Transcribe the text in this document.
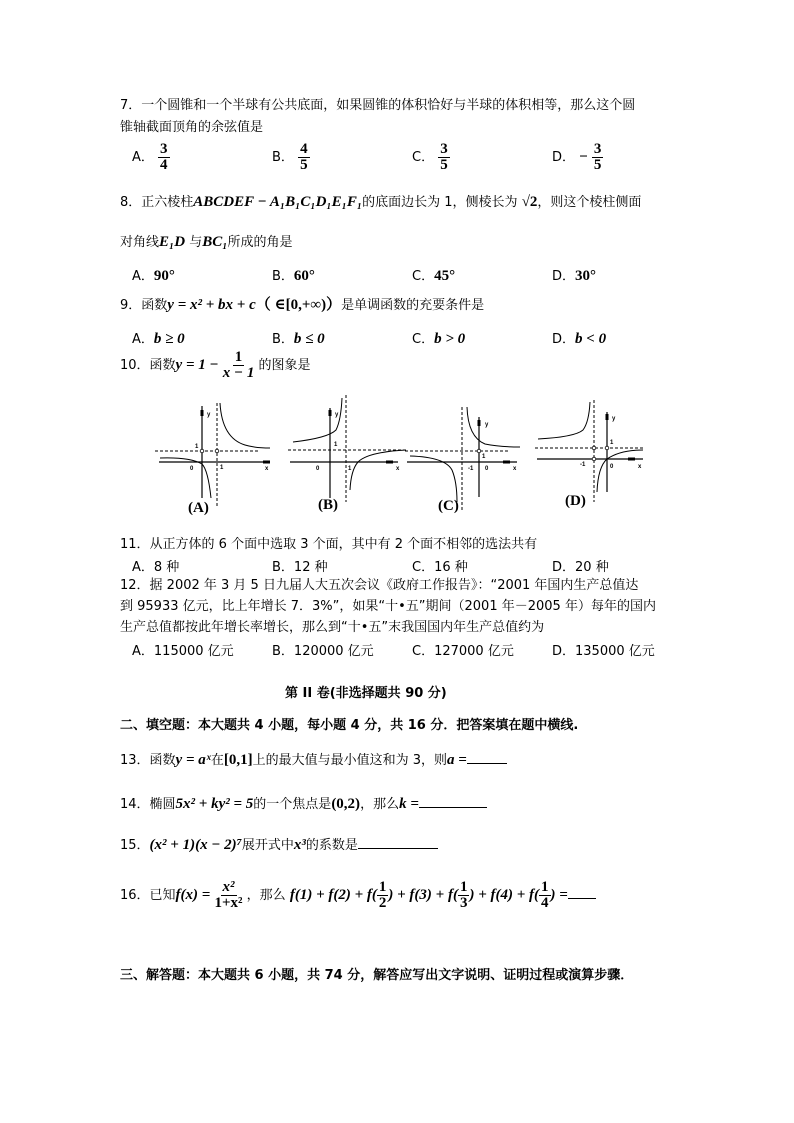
7．一个圆锥和一个半球有公共底面，如果圆锥的体积恰好与半球的体积相等，那么这个圆
锥轴截面顶角的余弦值是
A． $\frac{3}{4}$	B． $\frac{4}{5}$	C． $\frac{3}{5}$	D． − $\frac{3}{5}$
8．正六棱柱ABCDEF − A₁B₁C₁D₁E₁F₁的底面边长为 1，侧棱长为 √2，则这个棱柱侧面
对角线E₁D 与BC₁所成的角是
A．90°	B．60°	C．45°	D．30°
9．函数y = x² + bx + c（ ∈[0,+∞)）是单调函数的充要条件是
A．b ≥ 0	B．b ≤ 0	C．b > 0	D．b < 0
10．函数$y = 1 - \frac{1}{x - 1}$ 的图象是
y
1
0	1	x
(A)
y
1
0	1	x
(B)
y
1
-1 0	x
(C)
y
1
-1	0	x
(D)
11．从正方体的 6 个面中选取 3 个面，其中有 2 个面不相邻的选法共有
A．8 种	B．12 种	C．16 种	D．20 种
12．据 2002 年 3 月 5 日九届人大五次会议《政府工作报告》：“2001 年国内生产总值达
到 95933 亿元，比上年增长 7．3%”，如果“十•五”期间（2001 年－2005 年）每年的国内
生产总值都按此年增长率增长，那么到“十•五”末我国国内年生产总值约为
A．115000 亿元	B．120000 亿元	C．127000 亿元	D．135000 亿元
第 II 卷(非选择题共 90 分)
二、填空题：本大题共 4 小题，每小题 4 分，共 16 分．把答案填在题中横线.
13．函数y = aˣ在[0,1]上的最大值与最小值这和为 3，则a =
14．椭圆5x² + ky² = 5的一个焦点是(0,2)，那么k =
15．(x² + 1)(x − 2)⁷展开式中x³的系数是
16．已知$f(x) = \frac{\text{x²}}{\text{1+x²}}$ ，那么 $f(1) + f(2) + f( \frac{1}{2}$ ) + $f(3) + f( \frac{1}{3}$ ) + $f(4) + f( \frac{1}{4}$ ) =
三、解答题：本大题共 6 小题，共 74 分，解答应写出文字说明、证明过程或演算步骤．
